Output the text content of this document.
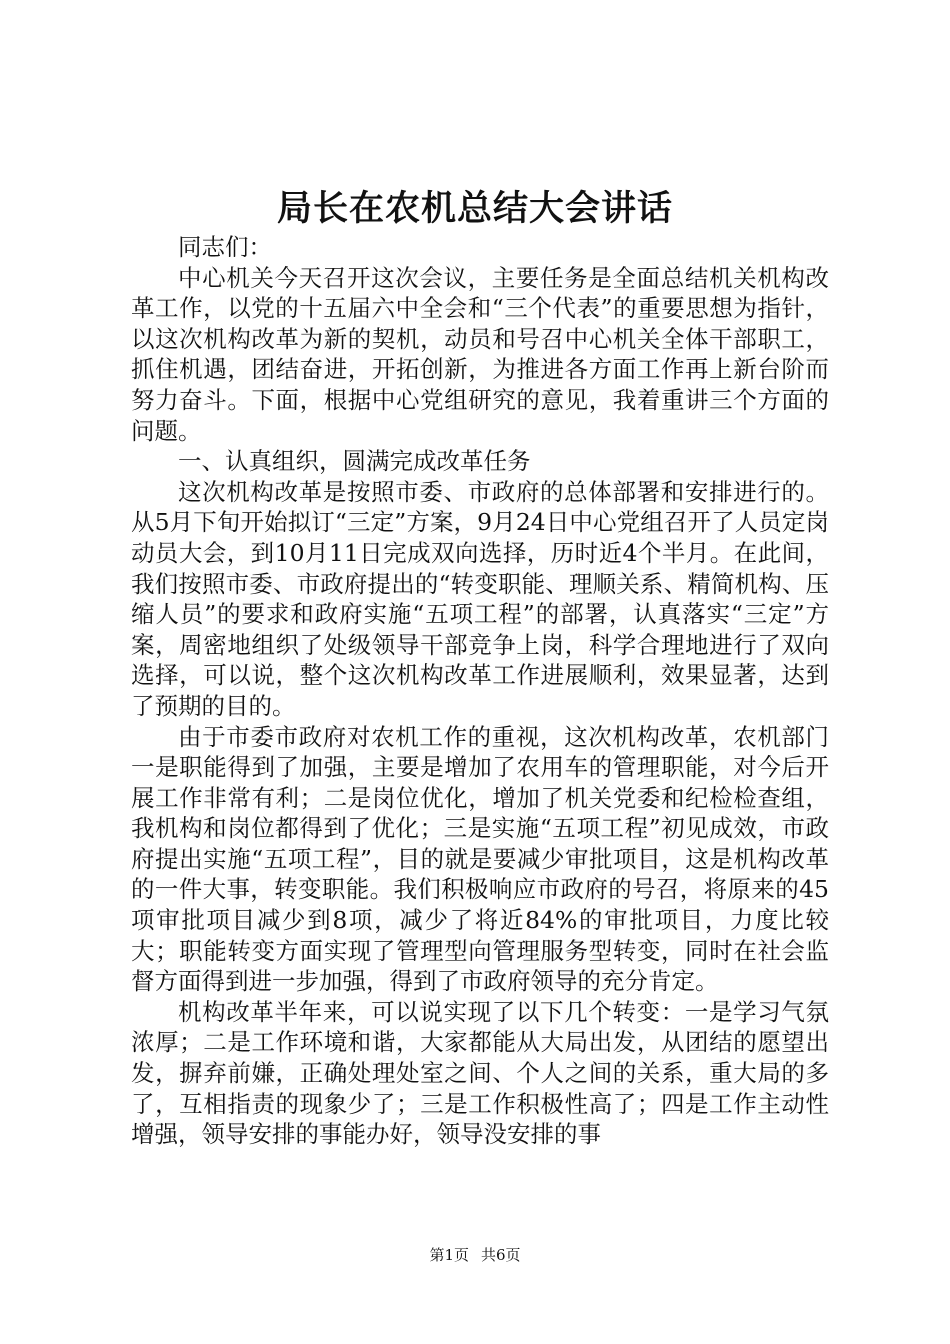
局长在农机总结大会讲话

同志们：

中心机关今天召开这次会议，主要任务是全面总结机关机构改革工作，以党的十五届六中全会和“三个代表”的重要思想为指针，以这次机构改革为新的契机，动员和号召中心机关全体干部职工，抓住机遇，团结奋进，开拓创新，为推进各方面工作再上新台阶而努力奋斗。下面，根据中心党组研究的意见，我着重讲三个方面的问题。

一、认真组织，圆满完成改革任务

这次机构改革是按照市委、市政府的总体部署和安排进行的。从5月下旬开始拟订“三定”方案，9月24日中心党组召开了人员定岗动员大会，到10月11日完成双向选择，历时近4个半月。在此间，我们按照市委、市政府提出的“转变职能、理顺关系、精简机构、压缩人员”的要求和政府实施“五项工程”的部署，认真落实“三定”方案，周密地组织了处级领导干部竞争上岗，科学合理地进行了双向选择，可以说，整个这次机构改革工作进展顺利，效果显著，达到了预期的目的。

由于市委市政府对农机工作的重视，这次机构改革，农机部门一是职能得到了加强，主要是增加了农用车的管理职能，对今后开展工作非常有利；二是岗位优化，增加了机关党委和纪检检查组，我机构和岗位都得到了优化；三是实施“五项工程”初见成效，市政府提出实施“五项工程”，目的就是要减少审批项目，这是机构改革的一件大事，转变职能。我们积极响应市政府的号召，将原来的45项审批项目减少到8项，减少了将近84%的审批项目，力度比较大；职能转变方面实现了管理型向管理服务型转变，同时在社会监督方面得到进一步加强，得到了市政府领导的充分肯定。

机构改革半年来，可以说实现了以下几个转变：一是学习气氛浓厚；二是工作环境和谐，大家都能从大局出发，从团结的愿望出发，摒弃前嫌，正确处理处室之间、个人之间的关系，重大局的多了，互相指责的现象少了；三是工作积极性高了；四是工作主动性增强，领导安排的事能办好，领导没安排的事

第1页 共6页
